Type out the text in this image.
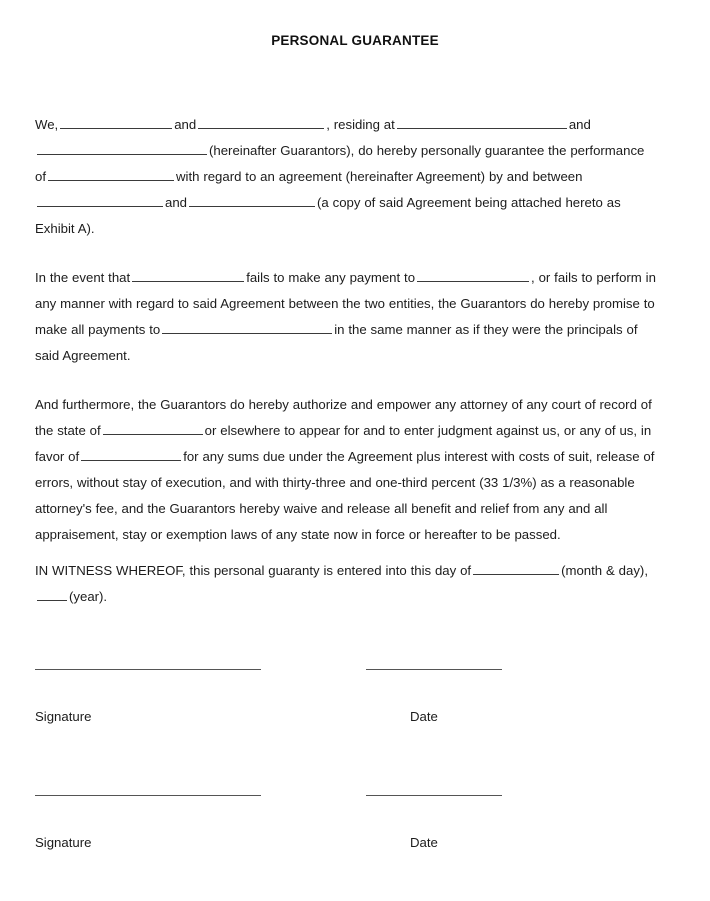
PERSONAL GUARANTEE

We,	and	, residing at	and(hereinafter Guarantors), do hereby personally guarantee the performance of	with regard to an agreement (hereinafter Agreement) by and betweenand	(a copy of said Agreement being attached hereto as Exhibit A).

In the event that	fails to make any payment to	, or fails to perform in any manner with regard to said Agreement between the two entities, the Guarantors do hereby promise to make all payments to	in the same manner as if they were the principals of said Agreement.

And furthermore, the Guarantors do hereby authorize and empower any attorney of any court of record of the state of	or elsewhere to appear for and to enter judgment against us, or any of us, in favor of	for any sums due under the Agreement plus interest with costs of suit, release of errors, without stay of execution, and with thirty-three and one-third percent (33 1/3%) as a reasonable attorney's fee, and the Guarantors hereby waive and release all benefit and relief from any and all appraisement, stay or exemption laws of any state now in force or hereafter to be passed.

IN WITNESS WHEREOF, this personal guaranty is entered into this day of	(month & day),(year).

Signature	Date
Signature	Date
